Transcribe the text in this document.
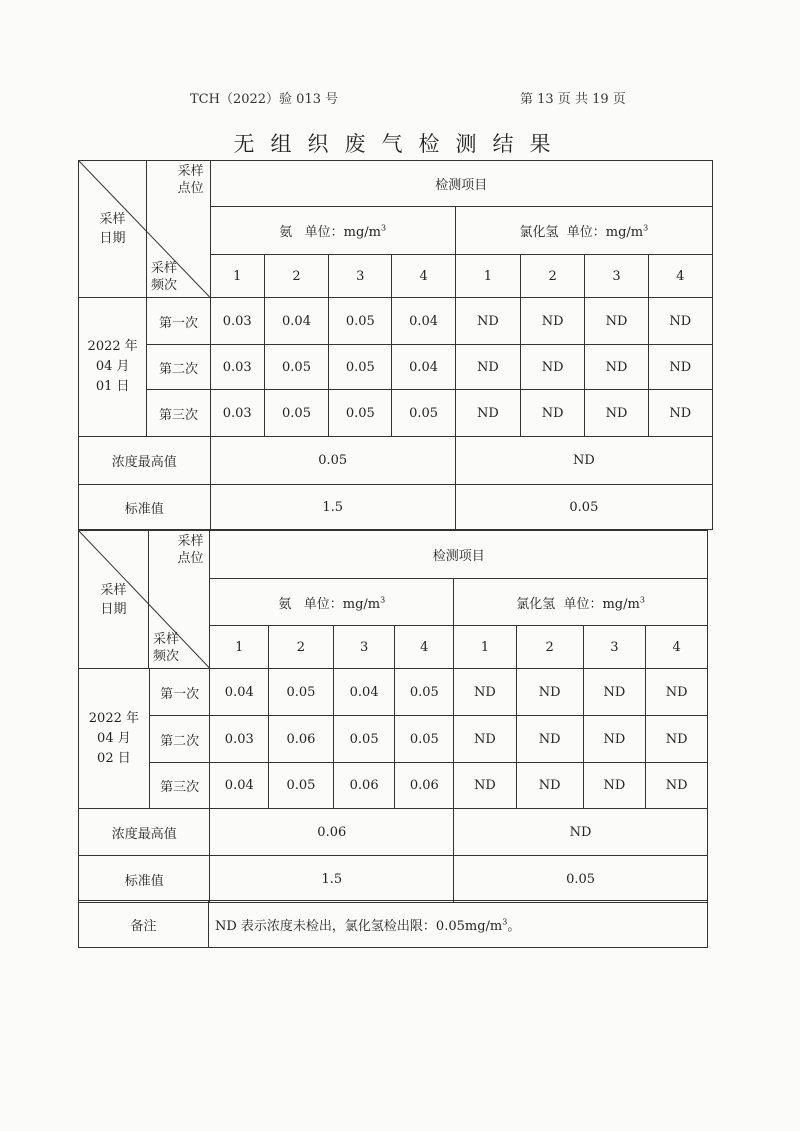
TCH（2022）验 013 号	第 13 页 共 19 页
无组织废气检测结果
采样日期
采样
点位
采样
频次		检测项目							
		氨 单位：$mg/m^3$				氯化氢 单位：$mg/m^3$
		1	2	3	4	1	2	3	4
2022 年
04 月
01 日	第一次	0.03	0.04	0.05	0.04	ND	ND	ND	ND
	第二次	0.03	0.05	0.05	0.04	ND	ND	ND	ND
	第三次	0.03	0.05	0.05	0.05	ND	ND	ND	ND
浓度最高值		0.05				ND			
标准值		1.5				0.05			
采样日期
采样
点位
采样
频次		检测项目							
		氨 单位：$mg/m^3$				氯化氢 单位：$mg/m^3$
		1	2	3	4	1	2	3	4
2022 年
04 月
02 日	第一次	0.04	0.05	0.04	0.05	ND	ND	ND	ND
	第二次	0.03	0.06	0.05	0.05	ND	ND	ND	ND
	第三次	0.04	0.05	0.06	0.06	ND	ND	ND	ND
浓度最高值		0.06				ND			
标准值		1.5				0.05			
备注	ND 表示浓度未检出，氯化氢检出限：$0.05mg/m^3$。
